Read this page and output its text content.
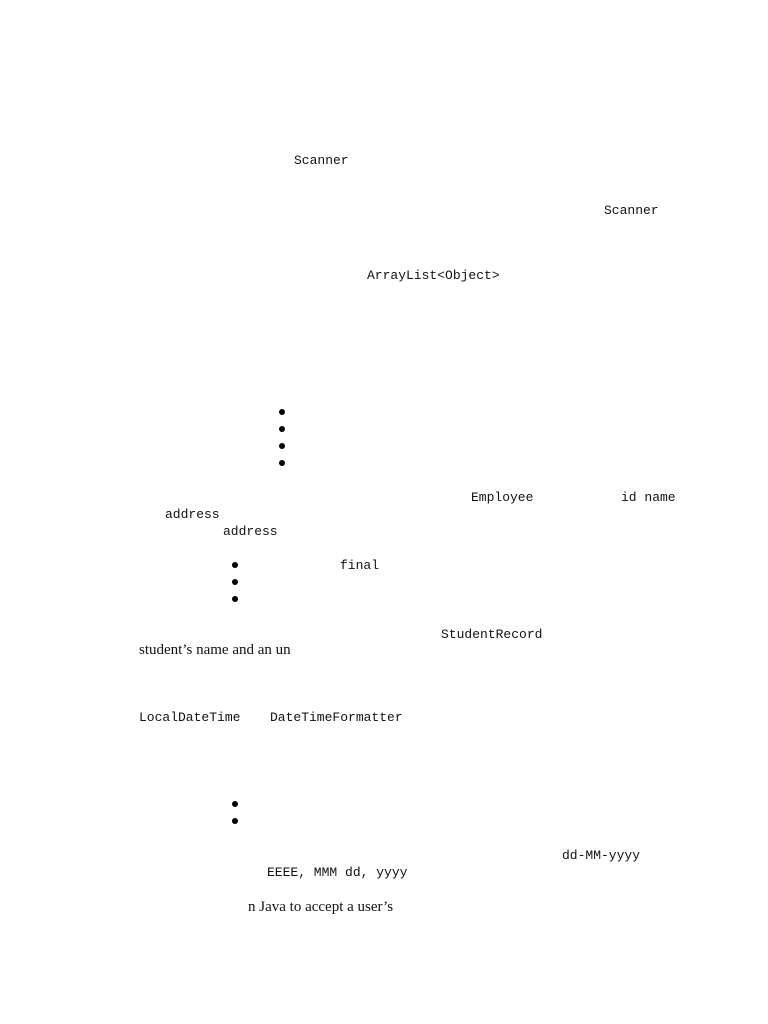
Scanner
Scanner
ArrayList<Object>
Employee	id name
address
address
final
StudentRecord
student’s name and an un
LocalDateTime DateTimeFormatter
dd-MM-yyyy
EEEE, MMM dd, yyyy
n Java to accept a user’s
